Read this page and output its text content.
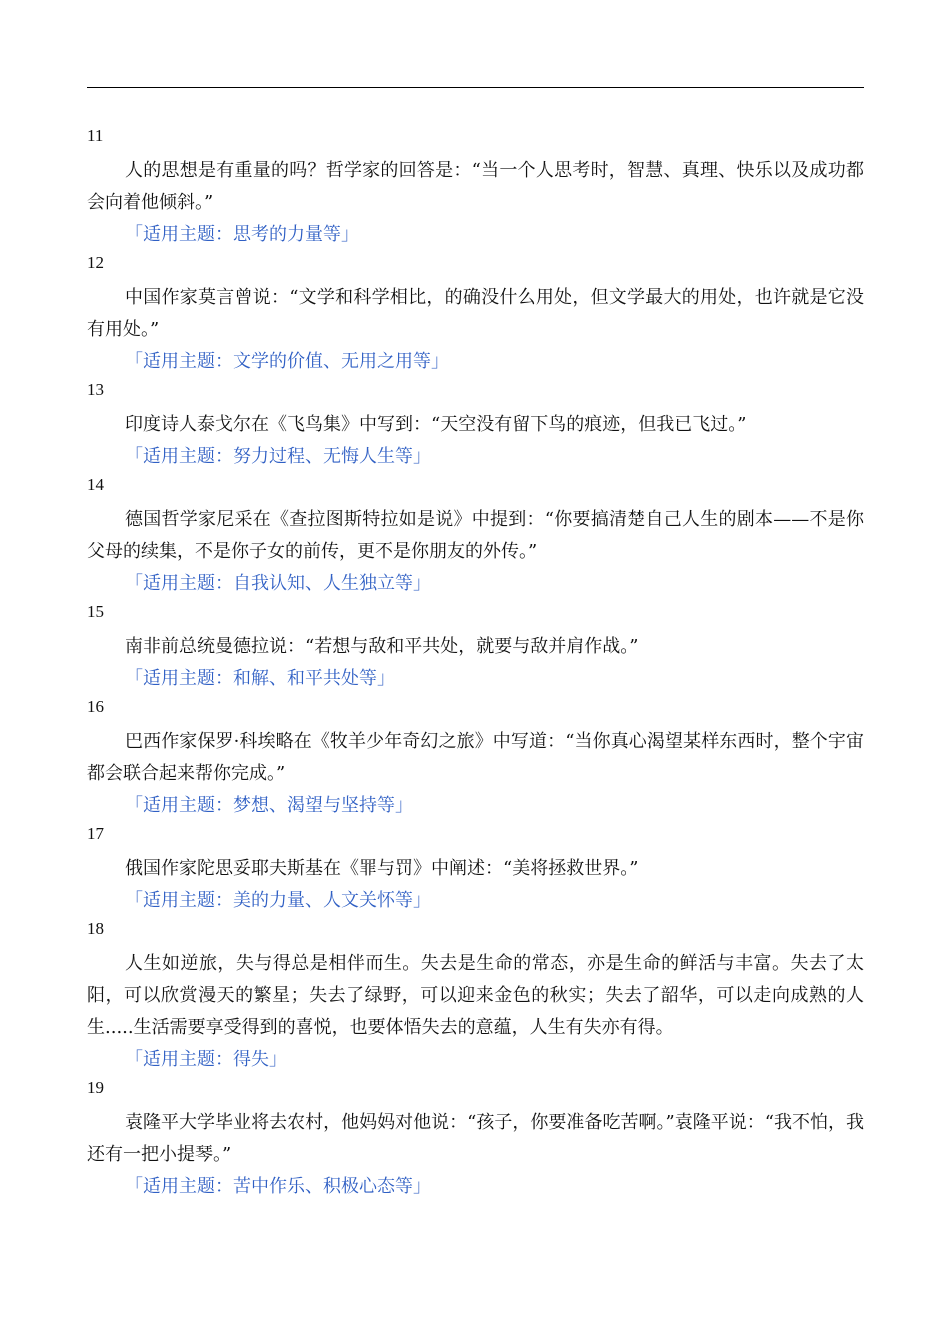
11

人的思想是有重量的吗？哲学家的回答是：“当一个人思考时，智慧、真理、快乐以及成功都会向着他倾斜。”

「适用主题：思考的力量等」

12

中国作家莫言曾说：“文学和科学相比，的确没什么用处，但文学最大的用处，也许就是它没有用处。”

「适用主题：文学的价值、无用之用等」

13

印度诗人泰戈尔在《飞鸟集》中写到：“天空没有留下鸟的痕迹，但我已飞过。”

「适用主题：努力过程、无悔人生等」

14

德国哲学家尼采在《查拉图斯特拉如是说》中提到：“你要搞清楚自己人生的剧本——不是你父母的续集，不是你子女的前传，更不是你朋友的外传。”

「适用主题：自我认知、人生独立等」

15

南非前总统曼德拉说：“若想与敌和平共处，就要与敌并肩作战。”

「适用主题：和解、和平共处等」

16

巴西作家保罗·科埃略在《牧羊少年奇幻之旅》中写道：“当你真心渴望某样东西时，整个宇宙都会联合起来帮你完成。”

「适用主题：梦想、渴望与坚持等」

17

俄国作家陀思妥耶夫斯基在《罪与罚》中阐述：“美将拯救世界。”

「适用主题：美的力量、人文关怀等」

18

人生如逆旅，失与得总是相伴而生。失去是生命的常态，亦是生命的鲜活与丰富。失去了太阳，可以欣赏漫天的繁星；失去了绿野，可以迎来金色的秋实；失去了韶华，可以走向成熟的人生.....生活需要享受得到的喜悦，也要体悟失去的意蕴，人生有失亦有得。

「适用主题：得失」

19

袁隆平大学毕业将去农村，他妈妈对他说：“孩子，你要准备吃苦啊。”袁隆平说：“我不怕，我还有一把小提琴。”

「适用主题：苦中作乐、积极心态等」
